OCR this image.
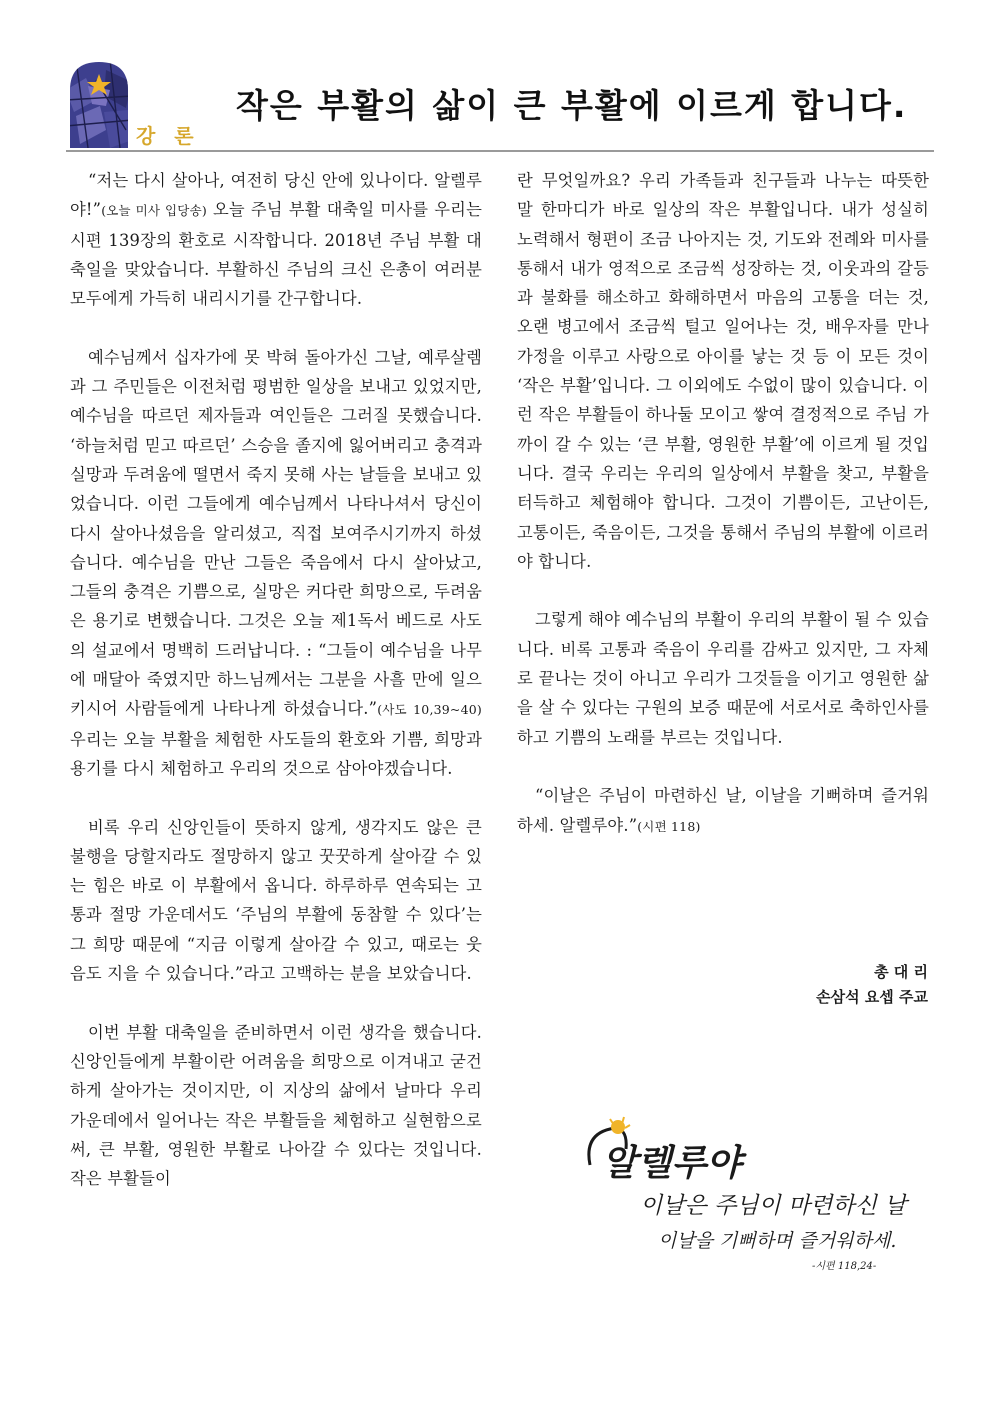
강 론
작은 부활의 삶이 큰 부활에 이르게 합니다.

“저는 다시 살아나, 여전히 당신 안에 있나이다. 알렐루야!”(오늘 미사 입당송) 오늘 주님 부활 대축일 미사를 우리는 시편 139장의 환호로 시작합니다. 2018년 주님 부활 대축일을 맞았습니다. 부활하신 주님의 크신 은총이 여러분 모두에게 가득히 내리시기를 간구합니다.

예수님께서 십자가에 못 박혀 돌아가신 그날, 예루살렘과 그 주민들은 이전처럼 평범한 일상을 보내고 있었지만, 예수님을 따르던 제자들과 여인들은 그러질 못했습니다. ‘하늘처럼 믿고 따르던’ 스승을 졸지에 잃어버리고 충격과 실망과 두려움에 떨면서 죽지 못해 사는 날들을 보내고 있었습니다. 이런 그들에게 예수님께서 나타나셔서 당신이 다시 살아나셨음을 알리셨고, 직접 보여주시기까지 하셨습니다. 예수님을 만난 그들은 죽음에서 다시 살아났고, 그들의 충격은 기쁨으로, 실망은 커다란 희망으로, 두려움은 용기로 변했습니다. 그것은 오늘 제1독서 베드로 사도의 설교에서 명백히 드러납니다. : “그들이 예수님을 나무에 매달아 죽였지만 하느님께서는 그분을 사흘 만에 일으키시어 사람들에게 나타나게 하셨습니다.”(사도 10,39~40) 우리는 오늘 부활을 체험한 사도들의 환호와 기쁨, 희망과 용기를 다시 체험하고 우리의 것으로 삼아야겠습니다.

비록 우리 신앙인들이 뜻하지 않게, 생각지도 않은 큰 불행을 당할지라도 절망하지 않고 꿋꿋하게 살아갈 수 있는 힘은 바로 이 부활에서 옵니다. 하루하루 연속되는 고통과 절망 가운데서도 ‘주님의 부활에 동참할 수 있다’는 그 희망 때문에 “지금 이렇게 살아갈 수 있고, 때로는 웃음도 지을 수 있습니다.”라고 고백하는 분을 보았습니다.

이번 부활 대축일을 준비하면서 이런 생각을 했습니다. 신앙인들에게 부활이란 어려움을 희망으로 이겨내고 굳건하게 살아가는 것이지만, 이 지상의 삶에서 날마다 우리 가운데에서 일어나는 작은 부활들을 체험하고 실현함으로써, 큰 부활, 영원한 부활로 나아갈 수 있다는 것입니다. 작은 부활들이

란 무엇일까요? 우리 가족들과 친구들과 나누는 따뜻한 말 한마디가 바로 일상의 작은 부활입니다. 내가 성실히 노력해서 형편이 조금 나아지는 것, 기도와 전례와 미사를 통해서 내가 영적으로 조금씩 성장하는 것, 이웃과의 갈등과 불화를 해소하고 화해하면서 마음의 고통을 더는 것, 오랜 병고에서 조금씩 털고 일어나는 것, 배우자를 만나 가정을 이루고 사랑으로 아이를 낳는 것 등 이 모든 것이 ‘작은 부활’입니다. 그 이외에도 수없이 많이 있습니다. 이런 작은 부활들이 하나둘 모이고 쌓여 결정적으로 주님 가까이 갈 수 있는 ‘큰 부활, 영원한 부활’에 이르게 될 것입니다. 결국 우리는 우리의 일상에서 부활을 찾고, 부활을 터득하고 체험해야 합니다. 그것이 기쁨이든, 고난이든, 고통이든, 죽음이든, 그것을 통해서 주님의 부활에 이르러야 합니다.

그렇게 해야 예수님의 부활이 우리의 부활이 될 수 있습니다. 비록 고통과 죽음이 우리를 감싸고 있지만, 그 자체로 끝나는 것이 아니고 우리가 그것들을 이기고 영원한 삶을 살 수 있다는 구원의 보증 때문에 서로서로 축하인사를 하고 기쁨의 노래를 부르는 것입니다.

“이날은 주님이 마련하신 날, 이날을 기뻐하며 즐거워하세. 알렐루야.”(시편 118)

총 대 리
손삼석 요셉 주교
알렐루야
이날은 주님이 마련하신 날
이날을 기뻐하며 즐거워하세.
-시편 118,24-
